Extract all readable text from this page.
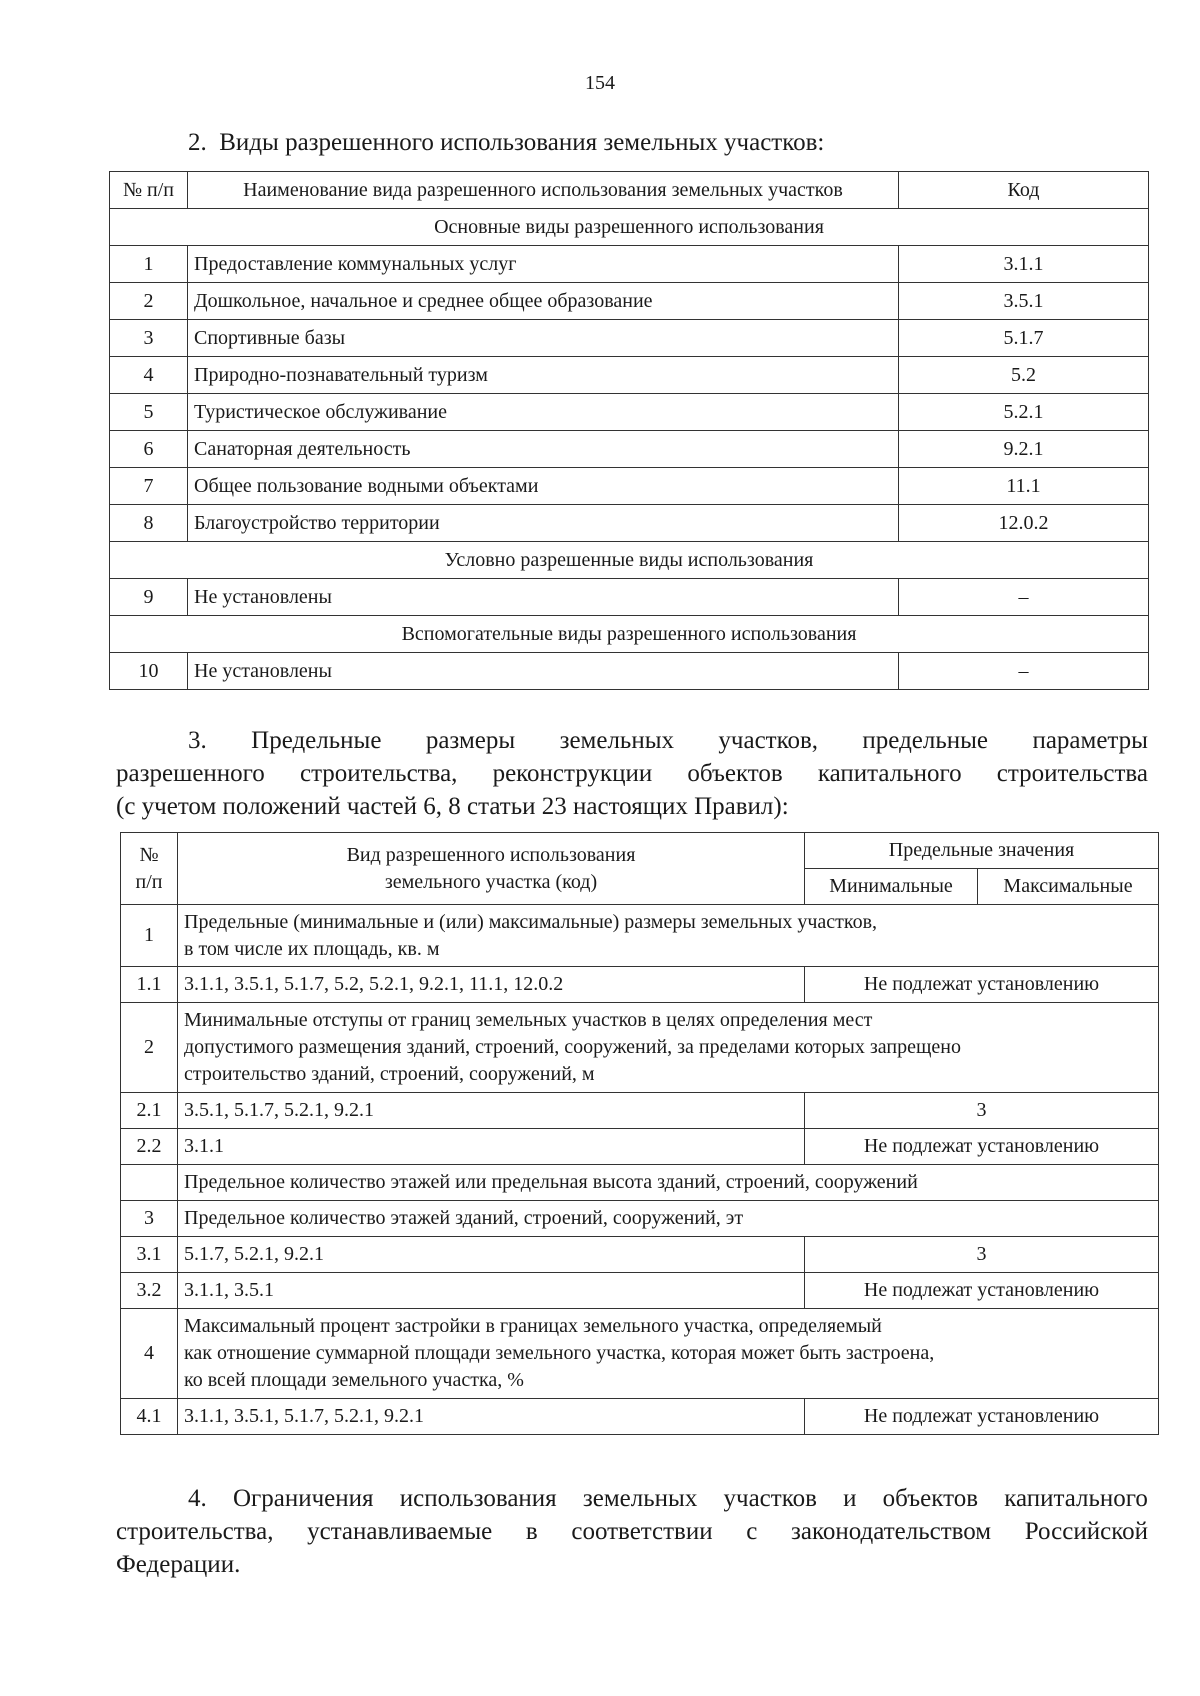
154
2.  Виды разрешенного использования земельных участков:
№ п/п	Наименование вида разрешенного использования земельных участков	Код
Основные виды разрешенного использования		
1	Предоставление коммунальных услуг	3.1.1
2	Дошкольное, начальное и среднее общее образование	3.5.1
3	Спортивные базы	5.1.7
4	Природно-познавательный туризм	5.2
5	Туристическое обслуживание	5.2.1
6	Санаторная деятельность	9.2.1
7	Общее пользование водными объектами	11.1
8	Благоустройство территории	12.0.2
Условно разрешенные виды использования		
9	Не установлены	–
Вспомогательные виды разрешенного использования		
10	Не установлены	–
3. Предельные размеры земельных участков, предельные параметры
разрешенного строительства, реконструкции объектов капитального строительства
(с учетом положений частей 6, 8 статьи 23 настоящих Правил):
№
п/п	Вид разрешенного использования
земельного участка (код)	Предельные значения	
		Минимальные	Максимальные
1	Предельные (минимальные и (или) максимальные) размеры земельных участков,
в том числе их площадь, кв. м		

1.1	3.1.1, 3.5.1, 5.1.7, 5.2, 5.2.1, 9.2.1, 11.1, 12.0.2	Не подлежат установлению	
2	Минимальные отступы от границ земельных участков в целях определения мест
допустимого размещения зданий, строений, сооружений, за пределами которых запрещено
строительство зданий, строений, сооружений, м		

2.1	3.5.1, 5.1.7, 5.2.1, 9.2.1	3	
2.2	3.1.1	Не подлежат установлению	
	Предельное количество этажей или предельная высота зданий, строений, сооружений		
3	Предельное количество этажей зданий, строений, сооружений, эт		
3.1	5.1.7, 5.2.1, 9.2.1	3	
3.2	3.1.1, 3.5.1	Не подлежат установлению	
4	Максимальный процент застройки в границах земельного участка, определяемый
как отношение суммарной площади земельного участка, которая может быть застроена,
ко всей площади земельного участка, %		

4.1	3.1.1, 3.5.1, 5.1.7, 5.2.1, 9.2.1	Не подлежат установлению	
4. Ограничения использования земельных участков и объектов капитального
строительства, устанавливаемые в соответствии с законодательством Российской
Федерации.
